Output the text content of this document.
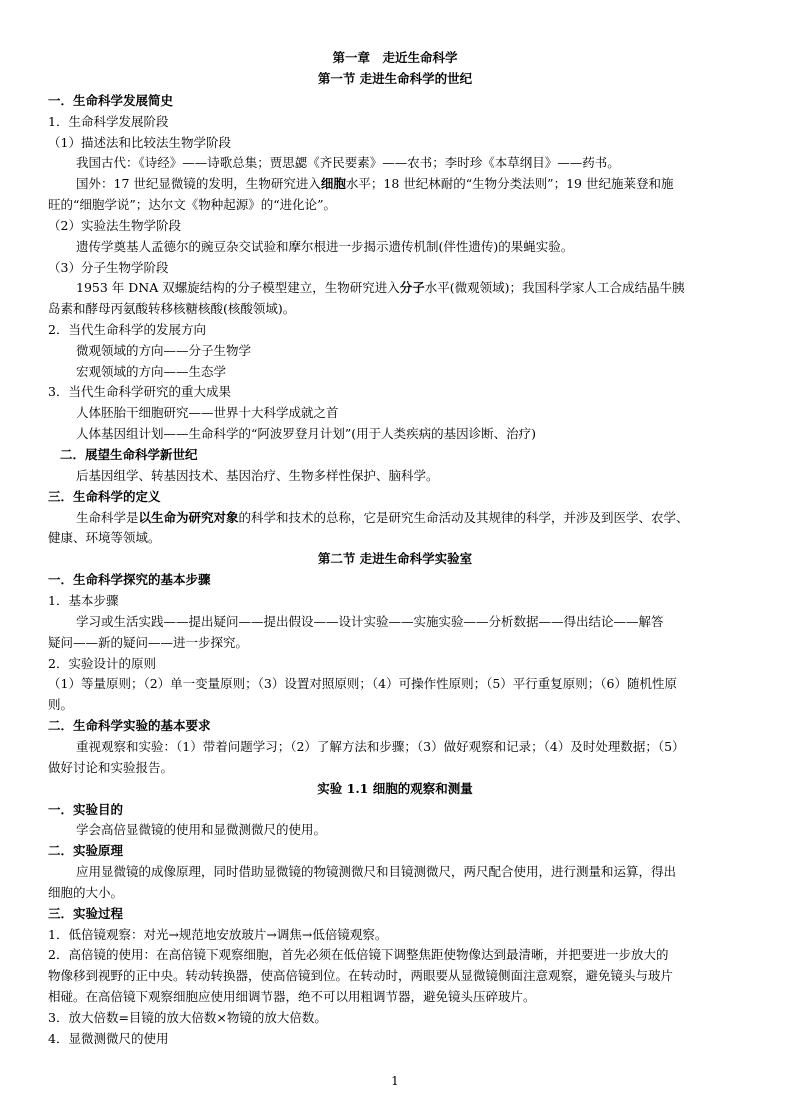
第一章　走近生命科学
第一节 走进生命科学的世纪
一．生命科学发展简史
1．生命科学发展阶段
（1）描述法和比较法生物学阶段
我国古代：《诗经》——诗歌总集；贾思勰《齐民要素》——农书；李时珍《本草纲目》——药书。
国外：17 世纪显微镜的发明，生物研究进入细胞水平；18 世纪林耐的“生物分类法则”；19 世纪施莱登和施
旺的“细胞学说”；达尔文《物种起源》的“进化论”。
（2）实验法生物学阶段
遗传学奠基人孟德尔的豌豆杂交试验和摩尔根进一步揭示遗传机制(伴性遗传)的果蝇实验。
（3）分子生物学阶段
1953 年 DNA 双螺旋结构的分子模型建立，生物研究进入分子水平(微观领域)；我国科学家人工合成结晶牛胰
岛素和酵母丙氨酸转移核糖核酸(核酸领域)。
2．当代生命科学的发展方向
微观领域的方向——分子生物学
宏观领域的方向——生态学
3．当代生命科学研究的重大成果
人体胚胎干细胞研究——世界十大科学成就之首
人体基因组计划——生命科学的“阿波罗登月计划”(用于人类疾病的基因诊断、治疗)
二．展望生命科学新世纪
后基因组学、转基因技术、基因治疗、生物多样性保护、脑科学。
三．生命科学的定义
生命科学是以生命为研究对象的科学和技术的总称，它是研究生命活动及其规律的科学，并涉及到医学、农学、
健康、环境等领域。
第二节 走进生命科学实验室
一．生命科学探究的基本步骤
1．基本步骤
学习或生活实践——提出疑问——提出假设——设计实验——实施实验——分析数据——得出结论——解答
疑问——新的疑问——进一步探究。
2．实验设计的原则
（1）等量原则；（2）单一变量原则；（3）设置对照原则；（4）可操作性原则；（5）平行重复原则；（6）随机性原
则。
二．生命科学实验的基本要求
重视观察和实验：（1）带着问题学习；（2）了解方法和步骤；（3）做好观察和记录；（4）及时处理数据；（5）
做好讨论和实验报告。
实验 1.1 细胞的观察和测量
一．实验目的
学会高倍显微镜的使用和显微测微尺的使用。
二．实验原理
应用显微镜的成像原理，同时借助显微镜的物镜测微尺和目镜测微尺，两尺配合使用，进行测量和运算，得出
细胞的大小。
三．实验过程
1．低倍镜观察：对光→规范地安放玻片→调焦→低倍镜观察。
2．高倍镜的使用：在高倍镜下观察细胞，首先必须在低倍镜下调整焦距使物像达到最清晰，并把要进一步放大的
物像移到视野的正中央。转动转换器，使高倍镜到位。在转动时，两眼要从显微镜侧面注意观察，避免镜头与玻片
相碰。在高倍镜下观察细胞应使用细调节器，绝不可以用粗调节器，避免镜头压碎玻片。
3．放大倍数=目镜的放大倍数×物镜的放大倍数。
4．显微测微尺的使用
1
